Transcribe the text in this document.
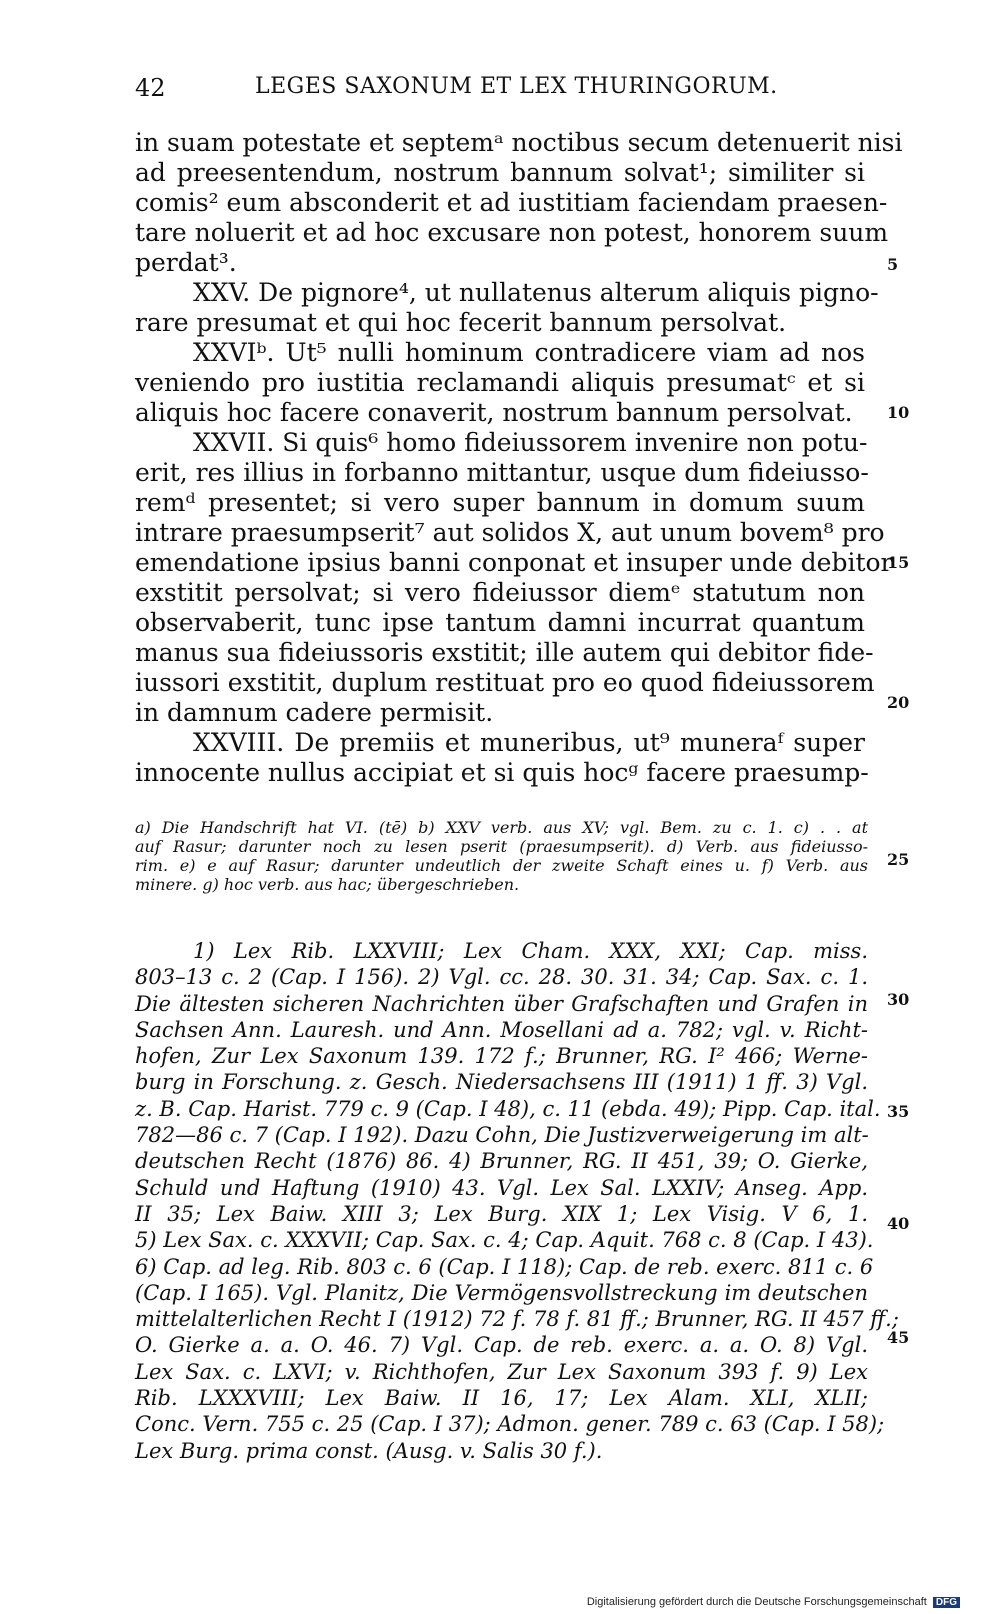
42	LEGES SAXONUM ET LEX THURINGORUM.
in suam potestate et septemᵃ noctibus secum detenuerit nisi
ad preesentendum, nostrum bannum solvat¹; similiter si
comis² eum absconderit et ad iustitiam faciendam praesen-
tare noluerit et ad hoc excusare non potest, honorem suum
perdat³.
XXV. De pignore⁴, ut nullatenus alterum aliquis pigno-
rare presumat et qui hoc fecerit bannum persolvat.
XXVIᵇ. Ut⁵ nulli hominum contradicere viam ad nos
veniendo pro iustitia reclamandi aliquis presumatᶜ et si
aliquis hoc facere conaverit, nostrum bannum persolvat.
XXVII. Si quis⁶ homo fideiussorem invenire non potu-
erit, res illius in forbanno mittantur, usque dum fideiusso-
remᵈ presentet; si vero super bannum in domum suum
intrare praesumpserit⁷ aut solidos X, aut unum bovem⁸ pro
emendatione ipsius banni conponat et insuper unde debitor
exstitit persolvat; si vero fideiussor diemᵉ statutum non
observaberit, tunc ipse tantum damni incurrat quantum
manus sua fideiussoris exstitit; ille autem qui debitor fide-
iussori exstitit, duplum restituat pro eo quod fideiussorem
in damnum cadere permisit.
XXVIII. De premiis et muneribus, ut⁹ muneraᶠ super
innocente nullus accipiat et si quis hocᵍ facere praesump-
5
10
15
20
25
30
35
40
45
a) Die Handschrift hat VI. (tē) b) XXV verb. aus XV; vgl. Bem. zu c. 1. c) . . at
auf Rasur; darunter noch zu lesen pserit (praesumpserit). d) Verb. aus fideiusso-
rim. e) e auf Rasur; darunter undeutlich der zweite Schaft eines u. f) Verb. aus
minere. g) hoc verb. aus hac; übergeschrieben.
1) Lex Rib. LXXVIII; Lex Cham. XXX, XXI; Cap. miss.
803–13 c. 2 (Cap. I 156). 2) Vgl. cc. 28. 30. 31. 34; Cap. Sax. c. 1.
Die ältesten sicheren Nachrichten über Grafschaften und Grafen in
Sachsen Ann. Lauresh. und Ann. Mosellani ad a. 782; vgl. v. Richt-
hofen, Zur Lex Saxonum 139. 172 f.; Brunner, RG. I² 466; Werne-
burg in Forschung. z. Gesch. Niedersachsens III (1911) 1 ff. 3) Vgl.
z. B. Cap. Harist. 779 c. 9 (Cap. I 48), c. 11 (ebda. 49); Pipp. Cap. ital.
782—86 c. 7 (Cap. I 192). Dazu Cohn, Die Justizverweigerung im alt-
deutschen Recht (1876) 86. 4) Brunner, RG. II 451, 39; O. Gierke,
Schuld und Haftung (1910) 43. Vgl. Lex Sal. LXXIV; Anseg. App.
II 35; Lex Baiw. XIII 3; Lex Burg. XIX 1; Lex Visig. V 6, 1.
5) Lex Sax. c. XXXVII; Cap. Sax. c. 4; Cap. Aquit. 768 c. 8 (Cap. I 43).
6) Cap. ad leg. Rib. 803 c. 6 (Cap. I 118); Cap. de reb. exerc. 811 c. 6
(Cap. I 165). Vgl. Planitz, Die Vermögensvollstreckung im deutschen
mittelalterlichen Recht I (1912) 72 f. 78 f. 81 ff.; Brunner, RG. II 457 ff.;
O. Gierke a. a. O. 46. 7) Vgl. Cap. de reb. exerc. a. a. O. 8) Vgl.
Lex Sax. c. LXVI; v. Richthofen, Zur Lex Saxonum 393 f. 9) Lex
Rib. LXXXVIII; Lex Baiw. II 16, 17; Lex Alam. XLI, XLII;
Conc. Vern. 755 c. 25 (Cap. I 37); Admon. gener. 789 c. 63 (Cap. I 58);
Lex Burg. prima const. (Ausg. v. Salis 30 f.).
Digitalisierung gefördert durch die Deutsche Forschungsgemeinschaft DFG
